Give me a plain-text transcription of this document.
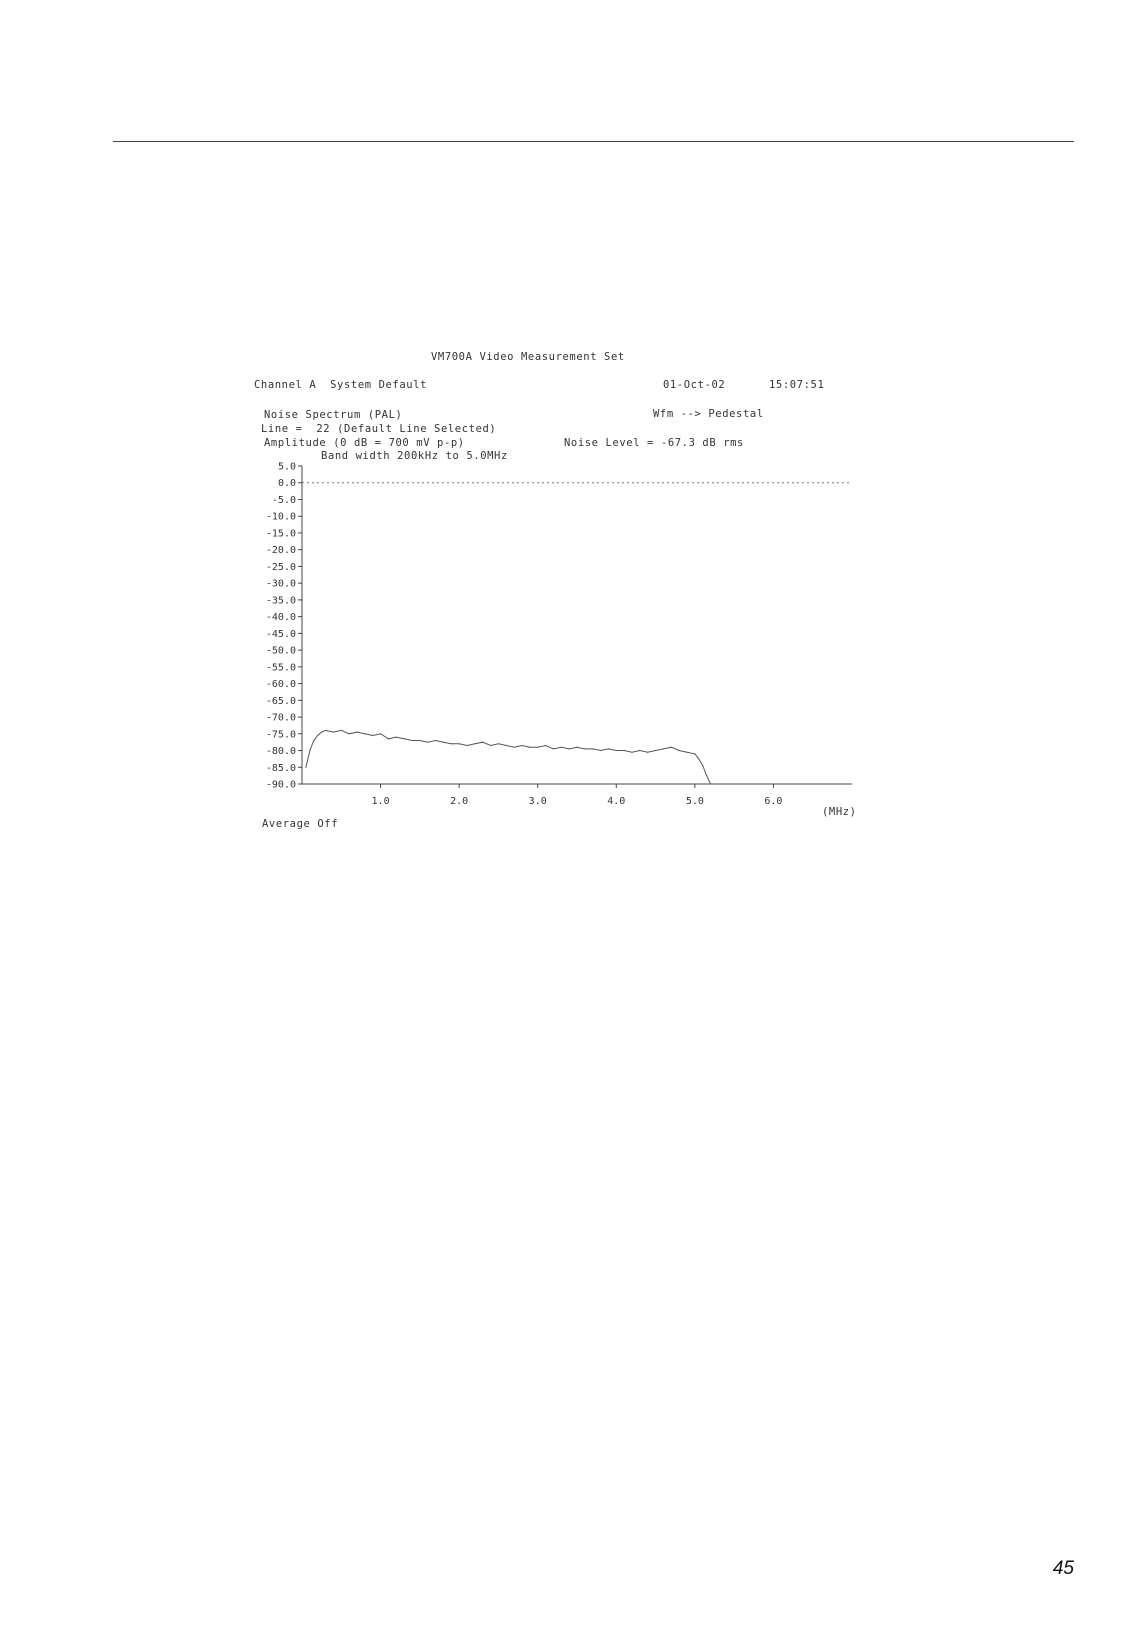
VM700A Video Measurement Set
Channel A  System Default	01-Oct-02	15:07:51
Noise Spectrum (PAL)	Wfm --> Pedestal
Line =  22 (Default Line Selected)
Amplitude (0 dB = 700 mV p-p)	Noise Level = -67.3 dB rms
Band width 200kHz to 5.0MHz
Average Off
(MHz)
5.0
0.0
-5.0
-10.0
-15.0
-20.0
-25.0
-30.0
-35.0
-40.0
-45.0
-50.0
-55.0
-60.0
-65.0
-70.0
-75.0
-80.0
-85.0
-90.0
1.0	2.0	3.0	4.0	5.0	6.0
45
